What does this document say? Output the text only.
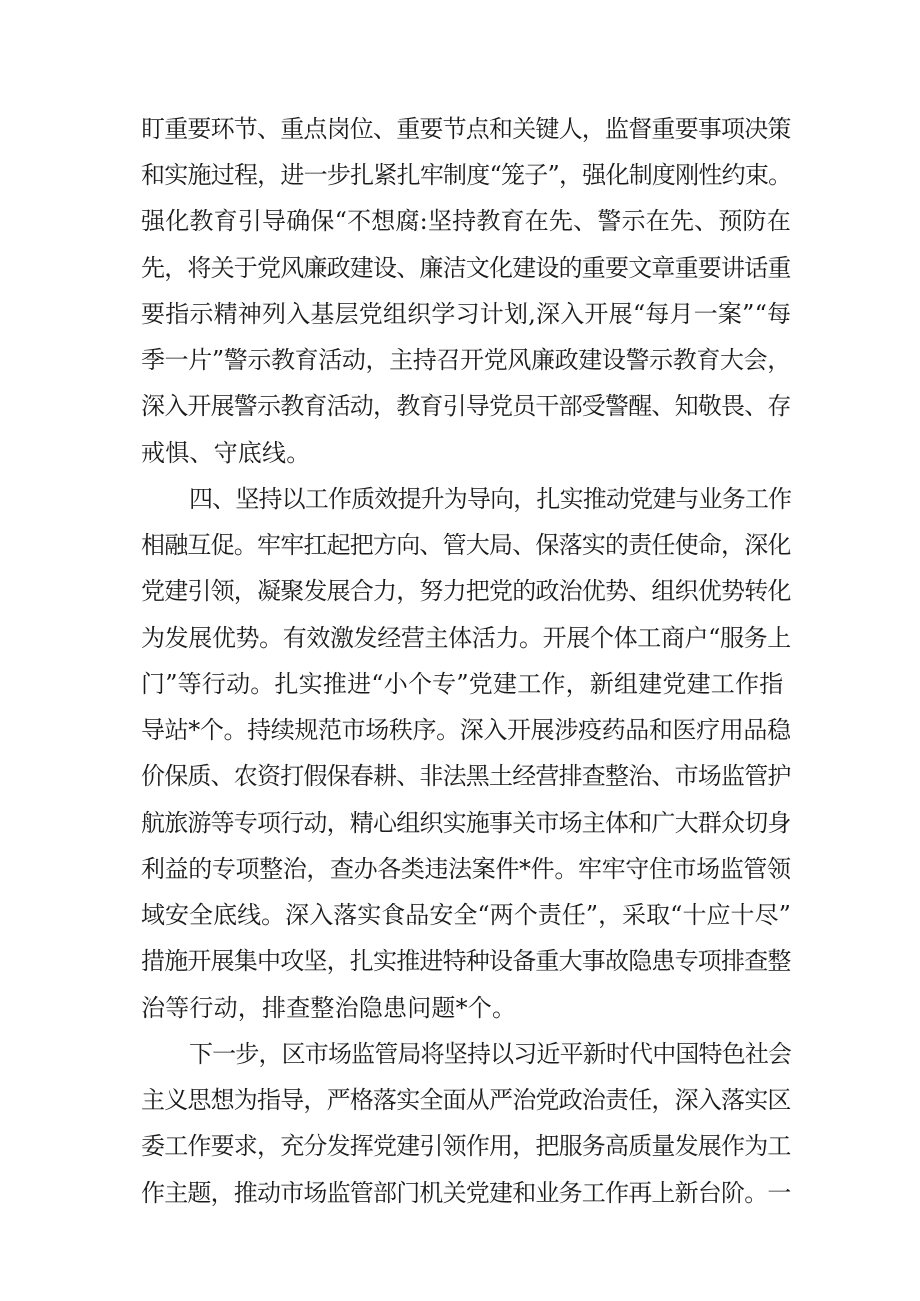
盯重要环节、重点岗位、重要节点和关键人，监督重要事项决策
和实施过程，进一步扎紧扎牢制度“笼子”，强化制度刚性约束。
强化教育引导确保“不想腐:坚持教育在先、警示在先、预防在
先，将关于党风廉政建设、廉洁文化建设的重要文章重要讲话重
要指示精神列入基层党组织学习计划,深入开展“每月一案”“每
季一片”警示教育活动，主持召开党风廉政建设警示教育大会，
深入开展警示教育活动，教育引导党员干部受警醒、知敬畏、存
戒惧、守底线。
四、坚持以工作质效提升为导向，扎实推动党建与业务工作
相融互促。牢牢扛起把方向、管大局、保落实的责任使命，深化
党建引领，凝聚发展合力，努力把党的政治优势、组织优势转化
为发展优势。有效激发经营主体活力。开展个体工商户“服务上
门”等行动。扎实推进“小个专”党建工作，新组建党建工作指
导站*个。持续规范市场秩序。深入开展涉疫药品和医疗用品稳
价保质、农资打假保春耕、非法黑土经营排查整治、市场监管护
航旅游等专项行动，精心组织实施事关市场主体和广大群众切身
利益的专项整治，查办各类违法案件*件。牢牢守住市场监管领
域安全底线。深入落实食品安全“两个责任”，采取“十应十尽”
措施开展集中攻坚，扎实推进特种设备重大事故隐患专项排查整
治等行动，排查整治隐患问题*个。
下一步，区市场监管局将坚持以习近平新时代中国特色社会
主义思想为指导，严格落实全面从严治党政治责任，深入落实区
委工作要求，充分发挥党建引领作用，把服务高质量发展作为工
作主题，推动市场监管部门机关党建和业务工作再上新台阶。一
